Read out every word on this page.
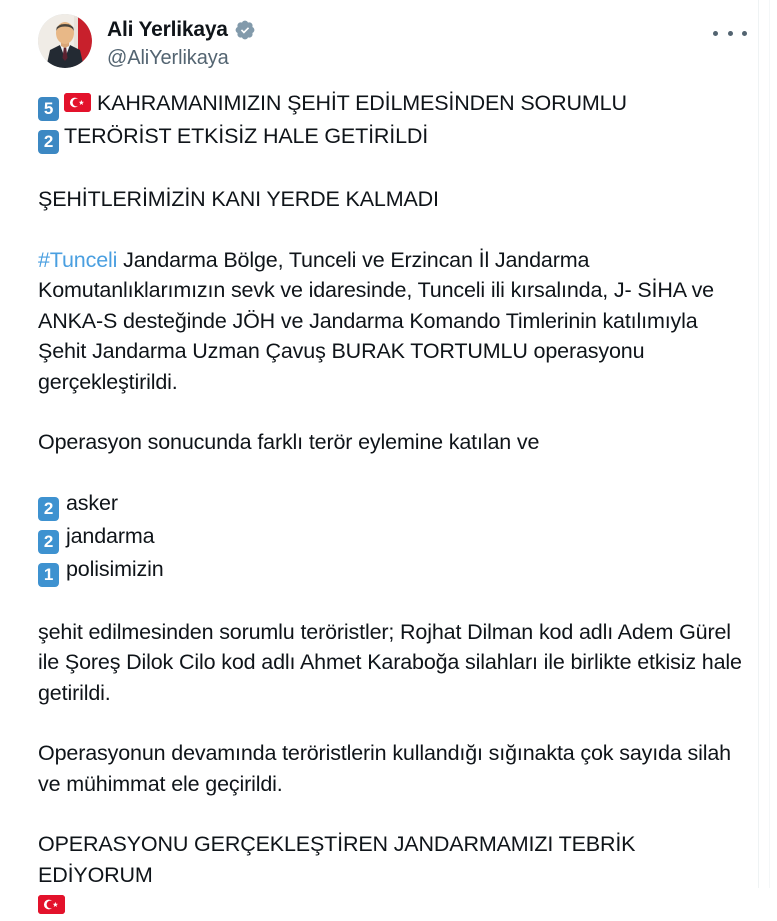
Ali Yerlikaya
@AliYerlikaya

5 KAHRAMANIMIZIN ŞEHİT EDİLMESİNDEN SORUMLU
2 TERÖRİST ETKİSİZ HALE GETİRİLDİ

ŞEHİTLERİMİZİN KANI YERDE KALMADI

#Tunceli Jandarma Bölge, Tunceli ve Erzincan İl Jandarma Komutanlıklarımızın sevk ve idaresinde, Tunceli ili kırsalında, J- SİHA ve ANKA-S desteğinde JÖH ve Jandarma Komando Timlerinin katılımıyla Şehit Jandarma Uzman Çavuş BURAK TORTUMLU operasyonu gerçekleştirildi.

Operasyon sonucunda farklı terör eylemine katılan ve

2 asker
2 jandarma
1 polisimizin

şehit edilmesinden sorumlu teröristler; Rojhat Dilman kod adlı Adem Gürel ile Şoreş Dilok Cilo kod adlı Ahmet Karaboğa silahları ile birlikte etkisiz hale getirildi.

Operasyonun devamında teröristlerin kullandığı sığınakta çok sayıda silah ve mühimmat ele geçirildi.

OPERASYONU GERÇEKLEŞTİREN JANDARMAMIZI TEBRİK EDİYORUM
